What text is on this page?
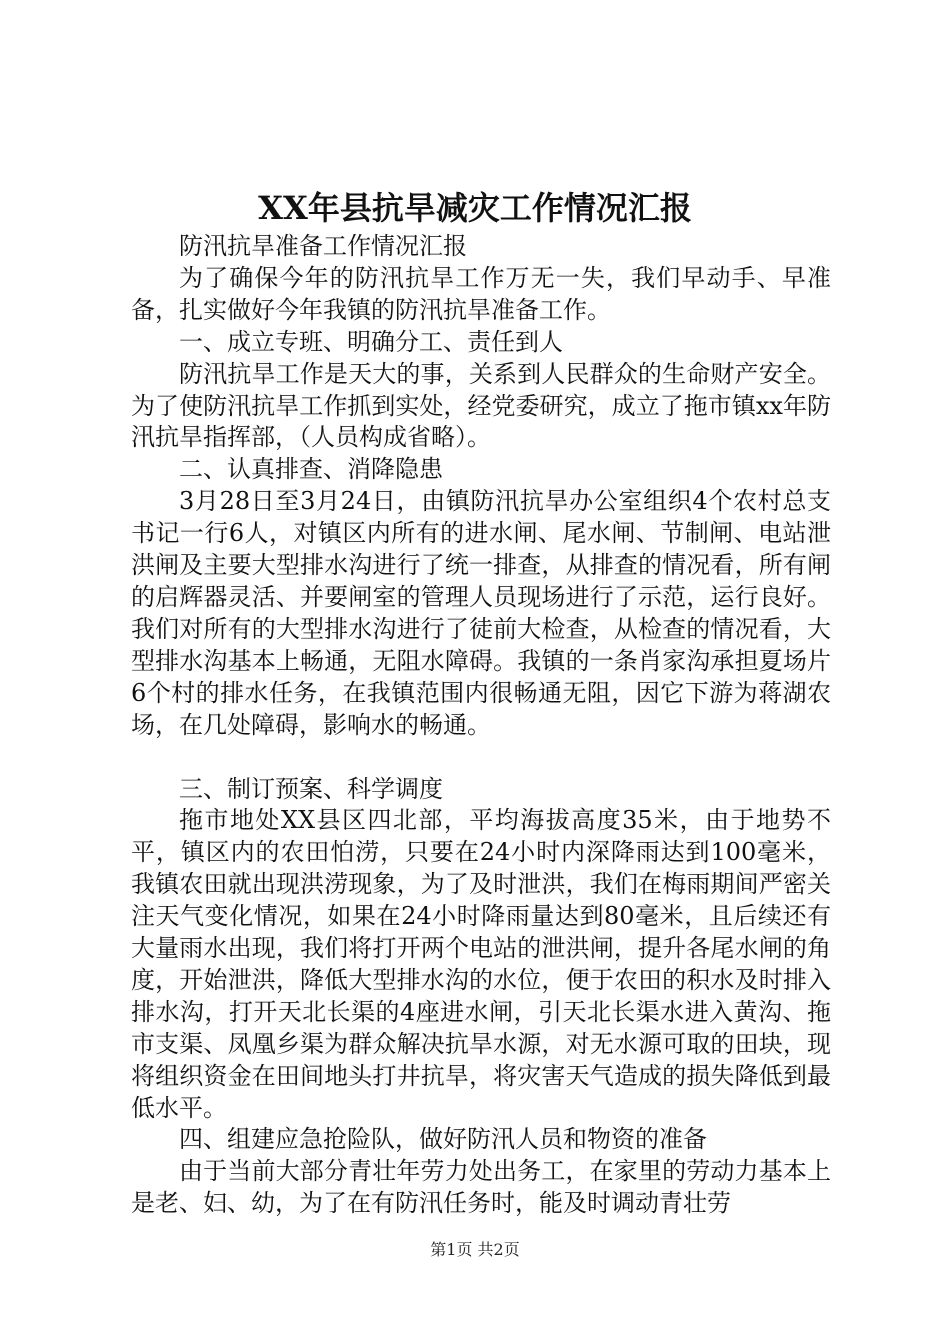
XX年县抗旱减灾工作情况汇报

防汛抗旱准备工作情况汇报

为了确保今年的防汛抗旱工作万无一失，我们早动手、早准备，扎实做好今年我镇的防汛抗旱准备工作。

一、成立专班、明确分工、责任到人

防汛抗旱工作是天大的事，关系到人民群众的生命财产安全。为了使防汛抗旱工作抓到实处，经党委研究，成立了拖市镇xx年防汛抗旱指挥部，（人员构成省略）。

二、认真排查、消降隐患

3月28日至3月24日，由镇防汛抗旱办公室组织4个农村总支书记一行6人，对镇区内所有的进水闸、尾水闸、节制闸、电站泄洪闸及主要大型排水沟进行了统一排查，从排查的情况看，所有闸的启辉器灵活、并要闸室的管理人员现场进行了示范，运行良好。我们对所有的大型排水沟进行了徒前大检查，从检查的情况看，大型排水沟基本上畅通，无阻水障碍。我镇的一条肖家沟承担夏场片6个村的排水任务，在我镇范围内很畅通无阻，因它下游为蒋湖农场，在几处障碍，影响水的畅通。

三、制订预案、科学调度

拖市地处XX县区四北部，平均海拔高度35米，由于地势不平，镇区内的农田怕涝，只要在24小时内深降雨达到100毫米，我镇农田就出现洪涝现象，为了及时泄洪，我们在梅雨期间严密关注天气变化情况，如果在24小时降雨量达到80毫米，且后续还有大量雨水出现，我们将打开两个电站的泄洪闸，提升各尾水闸的角度，开始泄洪，降低大型排水沟的水位，便于农田的积水及时排入排水沟，打开天北长渠的4座进水闸，引天北长渠水进入黄沟、拖市支渠、凤凰乡渠为群众解决抗旱水源，对无水源可取的田块，现将组织资金在田间地头打井抗旱，将灾害天气造成的损失降低到最低水平。

四、组建应急抢险队，做好防汛人员和物资的准备

由于当前大部分青壮年劳力处出务工，在家里的劳动力基本上是老、妇、幼，为了在有防汛任务时，能及时调动青壮劳

第1页 共2页
